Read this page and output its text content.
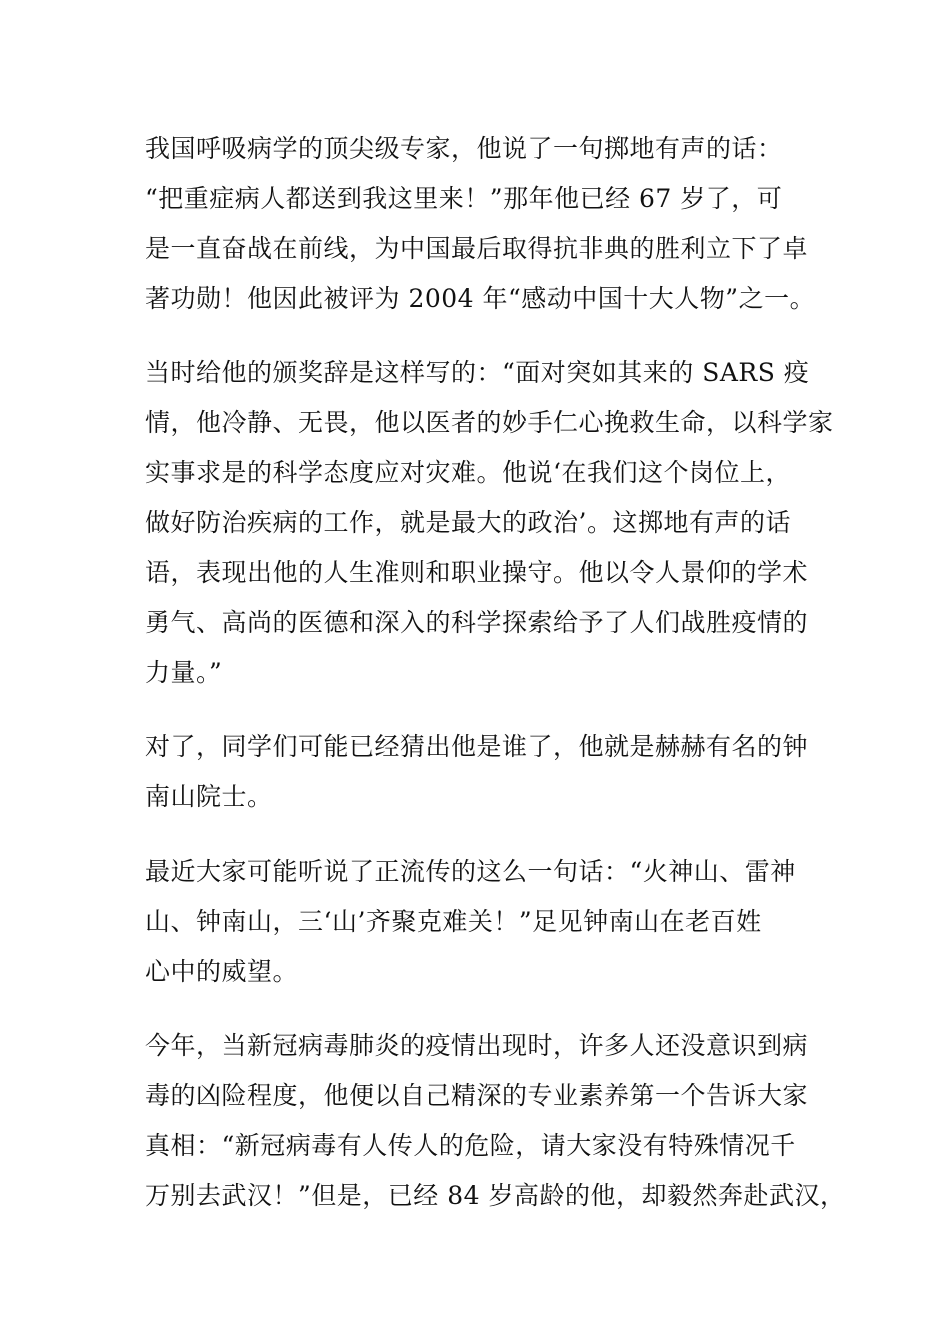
我国呼吸病学的顶尖级专家，他说了一句掷地有声的话：
“把重症病人都送到我这里来！”那年他已经 67 岁了，可
是一直奋战在前线，为中国最后取得抗非典的胜利立下了卓
著功勋！他因此被评为 2004 年“感动中国十大人物”之一。
当时给他的颁奖辞是这样写的：“面对突如其来的 SARS 疫
情，他冷静、无畏，他以医者的妙手仁心挽救生命，以科学家
实事求是的科学态度应对灾难。他说‘在我们这个岗位上，
做好防治疾病的工作，就是最大的政治’。这掷地有声的话
语，表现出他的人生准则和职业操守。他以令人景仰的学术
勇气、高尚的医德和深入的科学探索给予了人们战胜疫情的
力量。”
对了，同学们可能已经猜出他是谁了，他就是赫赫有名的钟
南山院士。
最近大家可能听说了正流传的这么一句话：“火神山、雷神
山、钟南山，三‘山’齐聚克难关！”足见钟南山在老百姓
心中的威望。
今年，当新冠病毒肺炎的疫情出现时，许多人还没意识到病
毒的凶险程度，他便以自己精深的专业素养第一个告诉大家
真相：“新冠病毒有人传人的危险，请大家没有特殊情况千
万别去武汉！”但是，已经 84 岁高龄的他，却毅然奔赴武汉，
